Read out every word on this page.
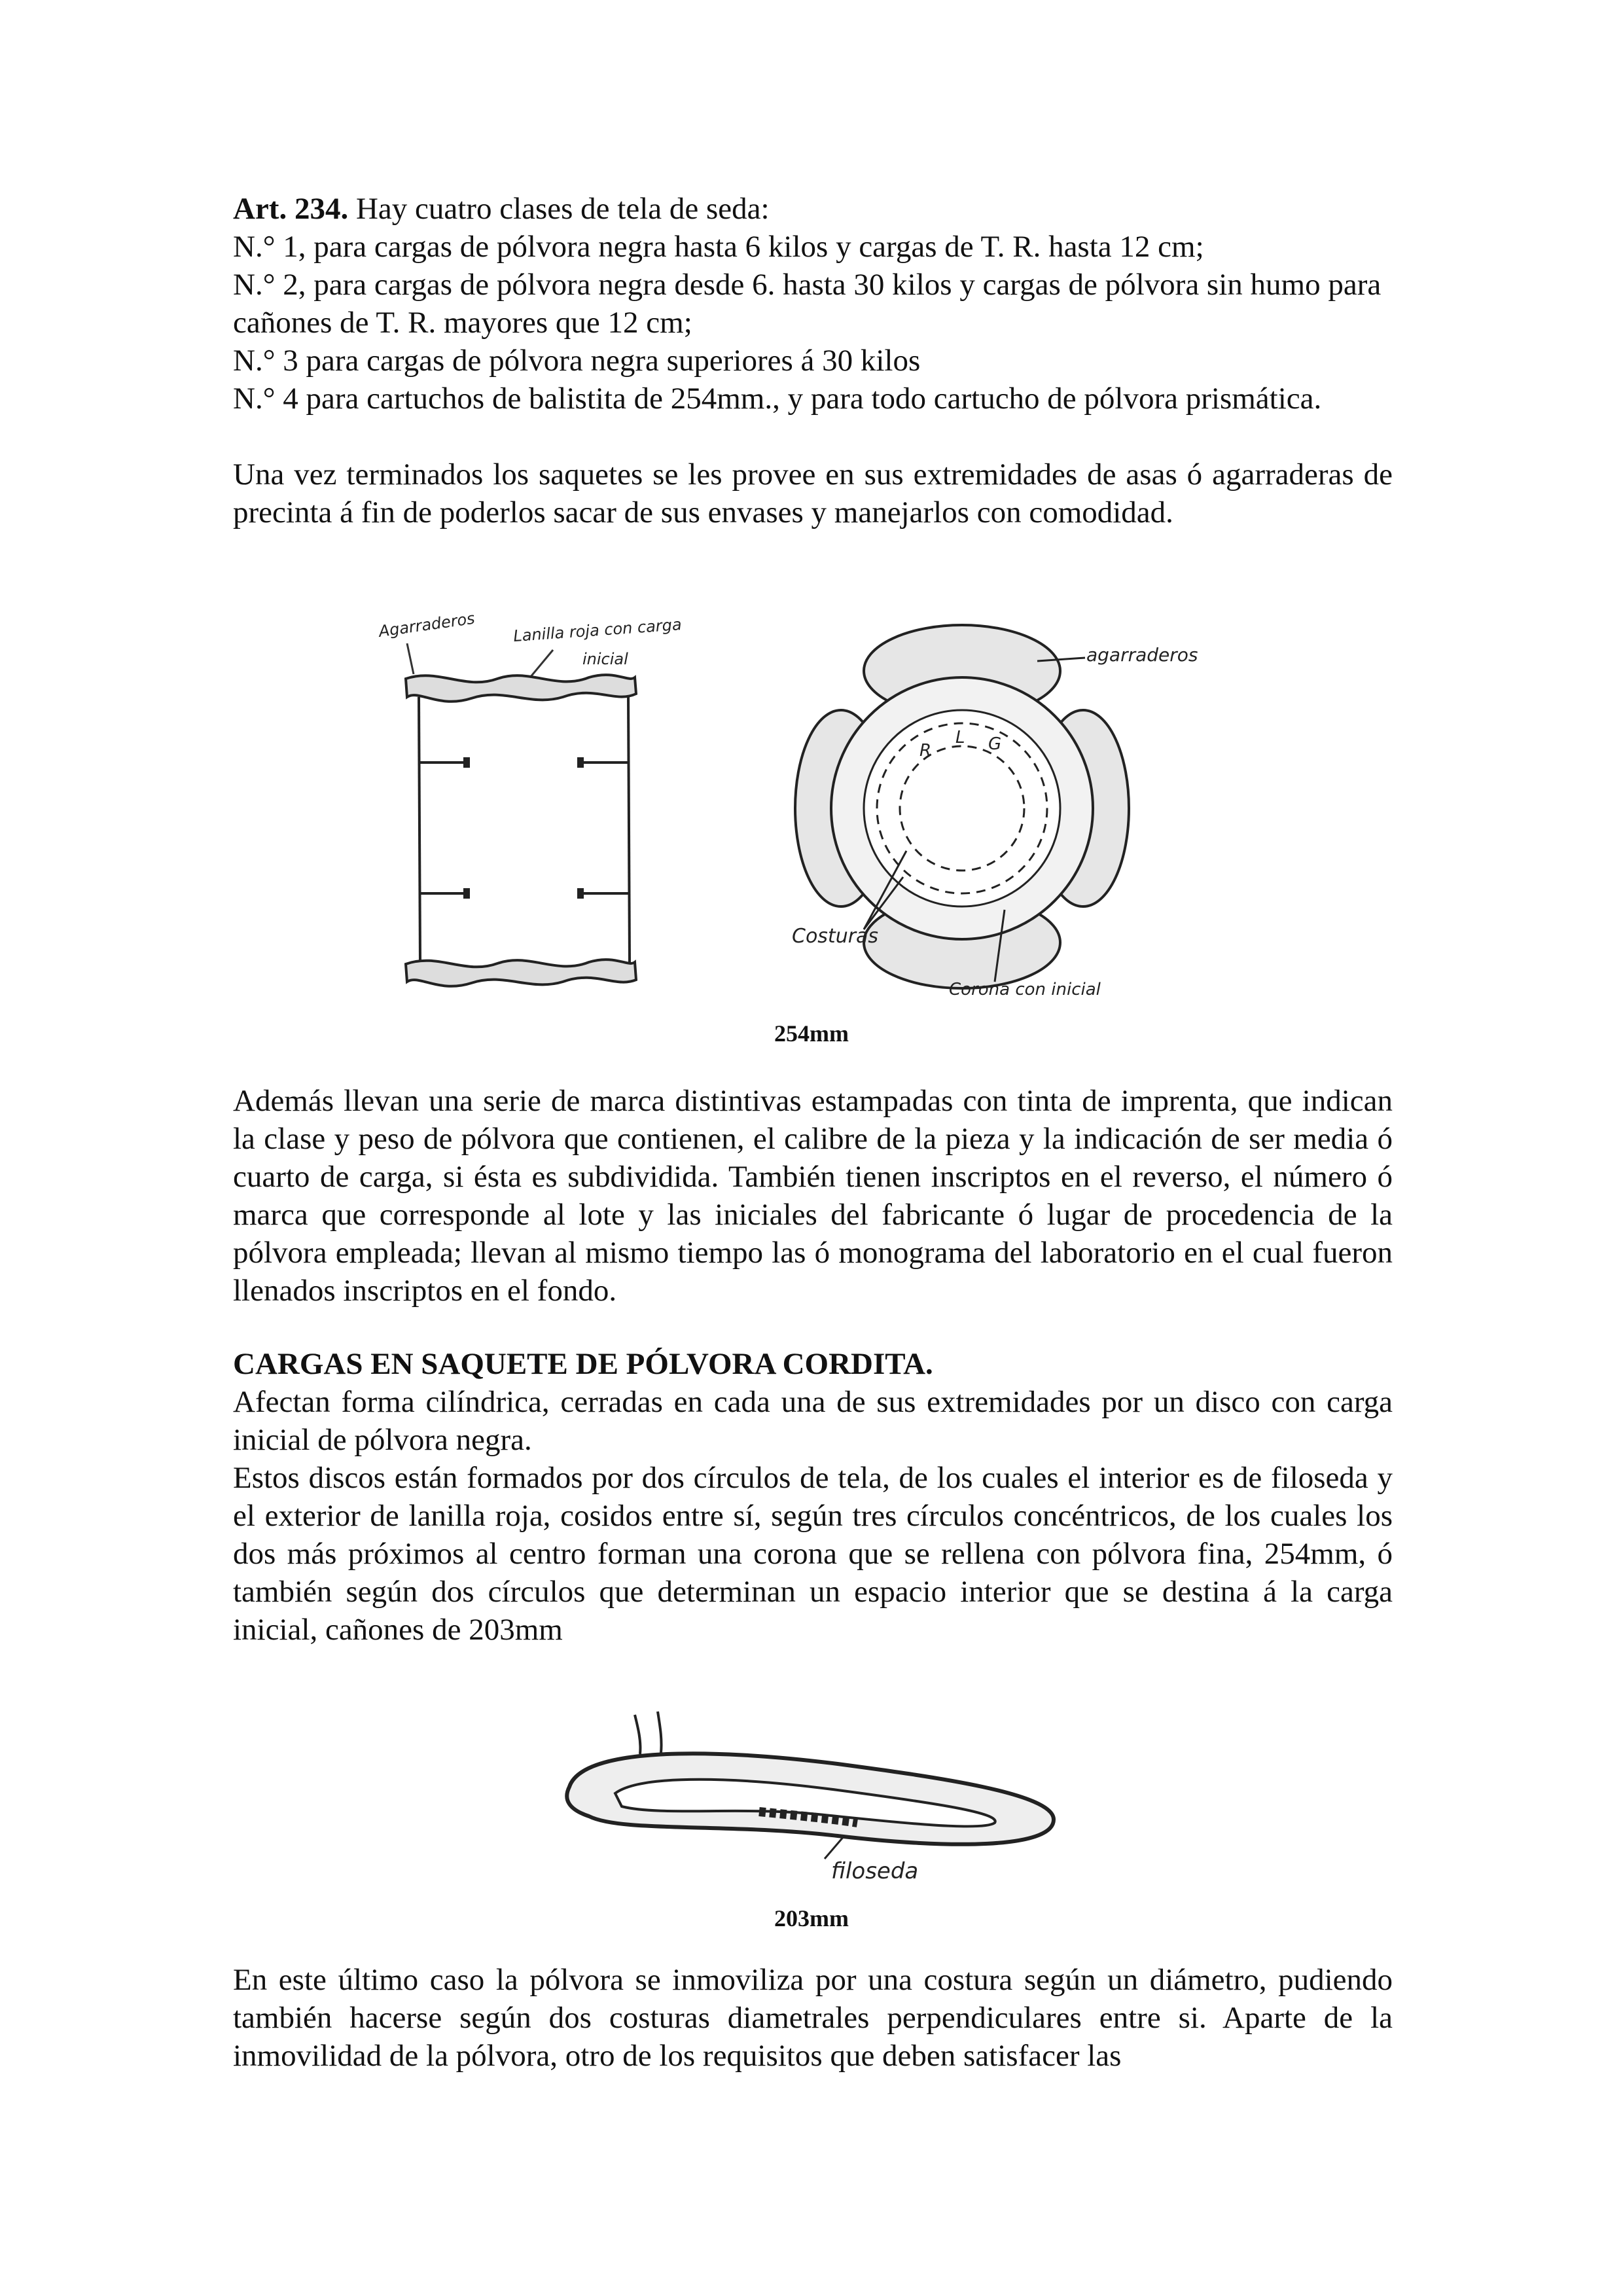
Art. 234. Hay cuatro clases de tela de seda:
N.° 1, para cargas de pólvora negra hasta 6 kilos y cargas de T. R. hasta 12 cm;
N.° 2, para cargas de pólvora negra desde 6. hasta 30 kilos y cargas de pólvora sin humo para cañones de T. R. mayores que 12 cm;
N.° 3 para cargas de pólvora negra superiores á 30 kilos
N.° 4 para cartuchos de balistita de 254mm., y para todo cartucho de pólvora prismática.
Una vez terminados los saquetes se les provee en sus extremidades de asas ó agarraderas de precinta á fin de poderlos sacar de sus envases y manejarlos con comodidad.
Agarraderos Lanilla roja con carga
inicial
R
L G
agarraderos
Costuras
Corona con inicial
254mm
Además llevan una serie de marca distintivas estampadas con tinta de imprenta, que indican la clase y peso de pólvora que contienen, el calibre de la pieza y la indicación de ser media ó cuarto de carga, si ésta es subdividida. También tienen inscriptos en el reverso, el número ó marca que corresponde al lote y las iniciales del fabricante ó lugar de procedencia de la pólvora empleada; llevan al mismo tiempo las ó monograma del laboratorio en el cual fueron llenados inscriptos en el fondo.
CARGAS EN SAQUETE DE PÓLVORA CORDITA.
Afectan forma cilíndrica, cerradas en cada una de sus extremidades por un disco con carga inicial de pólvora negra.
Estos discos están formados por dos círculos de tela, de los cuales el interior es de filoseda y el exterior de lanilla roja, cosidos entre sí, según tres círculos concéntricos, de los cuales los dos más próximos al centro forman una corona que se rellena con pólvora fina, 254mm, ó también según dos círculos que determinan un espacio interior que se destina á la carga inicial, cañones de 203mm
filoseda
203mm
En este último caso la pólvora se inmoviliza por una costura según un diámetro, pudiendo también hacerse según dos costuras diametrales perpendiculares entre si. Aparte de la inmovilidad de la pólvora, otro de los requisitos que deben satisfacer las
